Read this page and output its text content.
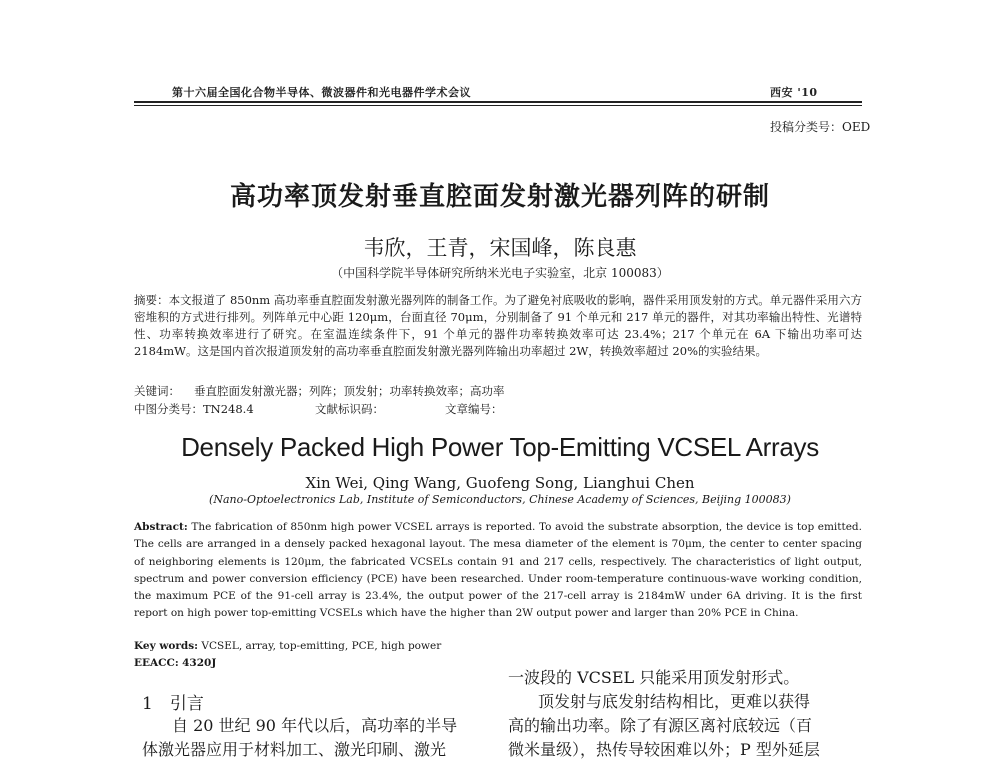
第十六届全国化合物半导体、微波器件和光电器件学术会议	西安 '10
投稿分类号：OED
高功率顶发射垂直腔面发射激光器列阵的研制
韦欣，王青，宋国峰，陈良惠
（中国科学院半导体研究所纳米光电子实验室，北京 100083）
摘要：本文报道了 850nm 高功率垂直腔面发射激光器列阵的制备工作。为了避免衬底吸收的影响，器件采用顶发射的方式。单元器件采用六方密堆积的方式进行排列。列阵单元中心距 120μm，台面直径 70μm，分别制备了 91 个单元和 217 单元的器件，对其功率输出特性、光谱特性、功率转换效率进行了研究。在室温连续条件下，91 个单元的器件功率转换效率可达 23.4%；217 个单元在 6A 下输出功率可达 2184mW。这是国内首次报道顶发射的高功率垂直腔面发射激光器列阵输出功率超过 2W，转换效率超过 20%的实验结果。
关键词： 垂直腔面发射激光器；列阵；顶发射；功率转换效率；高功率
中图分类号：TN248.4	文献标识码：	文章编号：
Densely Packed High Power Top-Emitting VCSEL Arrays
Xin Wei, Qing Wang, Guofeng Song, Lianghui Chen
(Nano-Optoelectronics Lab, Institute of Semiconductors, Chinese Academy of Sciences, Beijing 100083)
Abstract: The fabrication of 850nm high power VCSEL arrays is reported. To avoid the substrate absorption, the device is top emitted. The cells are arranged in a densely packed hexagonal layout. The mesa diameter of the element is 70μm, the center to center spacing of neighboring elements is 120μm, the fabricated VCSELs contain 91 and 217 cells, respectively. The characteristics of light output, spectrum and power conversion efficiency (PCE) have been researched. Under room-temperature continuous-wave working condition, the maximum PCE of the 91-cell array is 23.4%, the output power of the 217-cell array is 2184mW under 6A driving. It is the first report on high power top-emitting VCSELs which have the higher than 2W output power and larger than 20% PCE in China.
Key words: VCSEL, array, top-emitting, PCE, high power
EEACC: 4320J
1　引言
自 20 世纪 90 年代以后，高功率的半导
体激光器应用于材料加工、激光印刷、激光
一波段的 VCSEL 只能采用顶发射形式。
顶发射与底发射结构相比，更难以获得
高的输出功率。除了有源区离衬底较远（百
微米量级），热传导较困难以外；P 型外延层
